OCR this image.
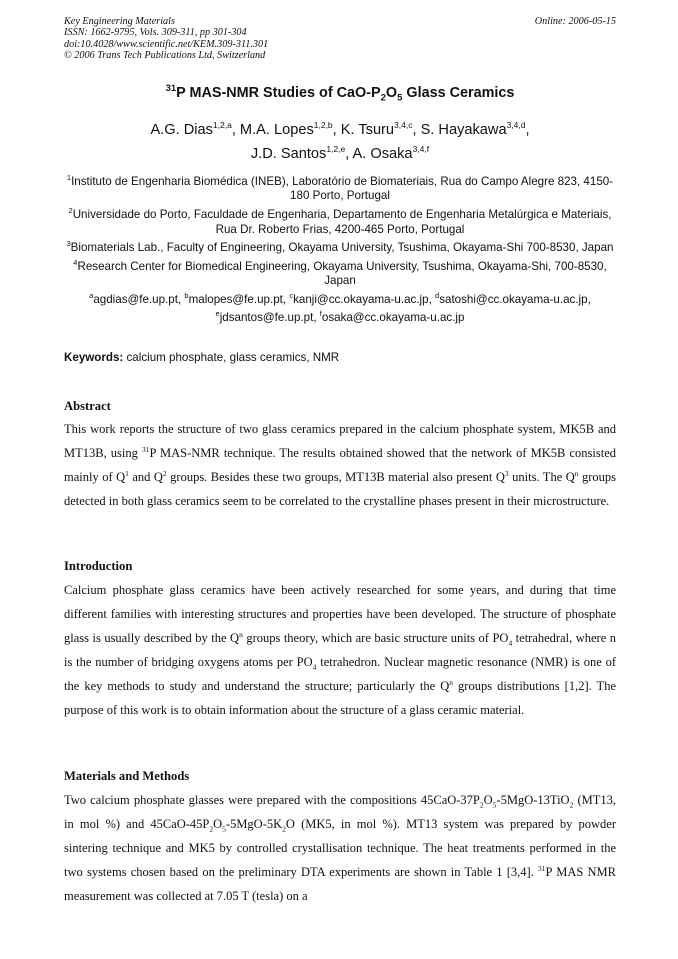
Key Engineering Materials
ISSN: 1662-9795, Vols. 309-311, pp 301-304
doi:10.4028/www.scientific.net/KEM.309-311.301
© 2006 Trans Tech Publications Ltd, Switzerland
Online: 2006-05-15
$^{31}$P MAS-NMR Studies of CaO-$P_2O_5$ Glass Ceramics
A.G. Dias$^{1,2,a}$, M.A. Lopes$^{1,2,b}$, K. Tsuru$^{3,4,c}$, S. Hayakawa$^{3,4,d}$,
J.D. Santos$^{1,2,e}$, A. Osaka$^{3,4,f}$
$^1$Instituto de Engenharia Biomédica (INEB), Laboratório de Biomateriais, Rua do Campo Alegre 823, 4150-180 Porto, Portugal
$^2$Universidade do Porto, Faculdade de Engenharia, Departamento de Engenharia Metalúrgica e Materiais, Rua Dr. Roberto Frias, 4200-465 Porto, Portugal
$^3$Biomaterials Lab., Faculty of Engineering, Okayama University, Tsushima, Okayama-Shi 700-8530, Japan
$^4$Research Center for Biomedical Engineering, Okayama University, Tsushima, Okayama-Shi, 700-8530, Japan
$^a$agdias@fe.up.pt, $^b$malopes@fe.up.pt, $^c$kanji@cc.okayama-u.ac.jp, $^d$satoshi@cc.okayama-u.ac.jp,
$^e$jdsantos@fe.up.pt, $^f$osaka@cc.okayama-u.ac.jp
Keywords: calcium phosphate, glass ceramics, NMR
Abstract
This work reports the structure of two glass ceramics prepared in the calcium phosphate system, MK5B and MT13B, using $^{31}$P MAS-NMR technique. The results obtained showed that the network of MK5B consisted mainly of $Q^1$ and $Q^2$ groups. Besides these two groups, MT13B material also present $Q^3$ units. The $Q^n$ groups detected in both glass ceramics seem to be correlated to the crystalline phases present in their microstructure.
Introduction
Calcium phosphate glass ceramics have been actively researched for some years, and during that time different families with interesting structures and properties have been developed. The structure of phosphate glass is usually described by the $Q^n$ groups theory, which are basic structure units of $PO_4$ tetrahedral, where n is the number of bridging oxygens atoms per $PO_4$ tetrahedron. Nuclear magnetic resonance (NMR) is one of the key methods to study and understand the structure; particularly the $Q^n$ groups distributions [1,2]. The purpose of this work is to obtain information about the structure of a glass ceramic material.
Materials and Methods
Two calcium phosphate glasses were prepared with the compositions $45CaO-37P_2O_5-5MgO-13TiO_2$ (MT13, in mol %) and $45CaO-45P_2O_5-5MgO-5K_2O$ (MK5, in mol %). MT13 system was prepared by powder sintering technique and MK5 by controlled crystallisation technique. The heat treatments performed in the two systems chosen based on the preliminary DTA experiments are shown in Table 1 [3,4]. $^{31}$P MAS NMR measurement was collected at 7.05 T (tesla) on a
